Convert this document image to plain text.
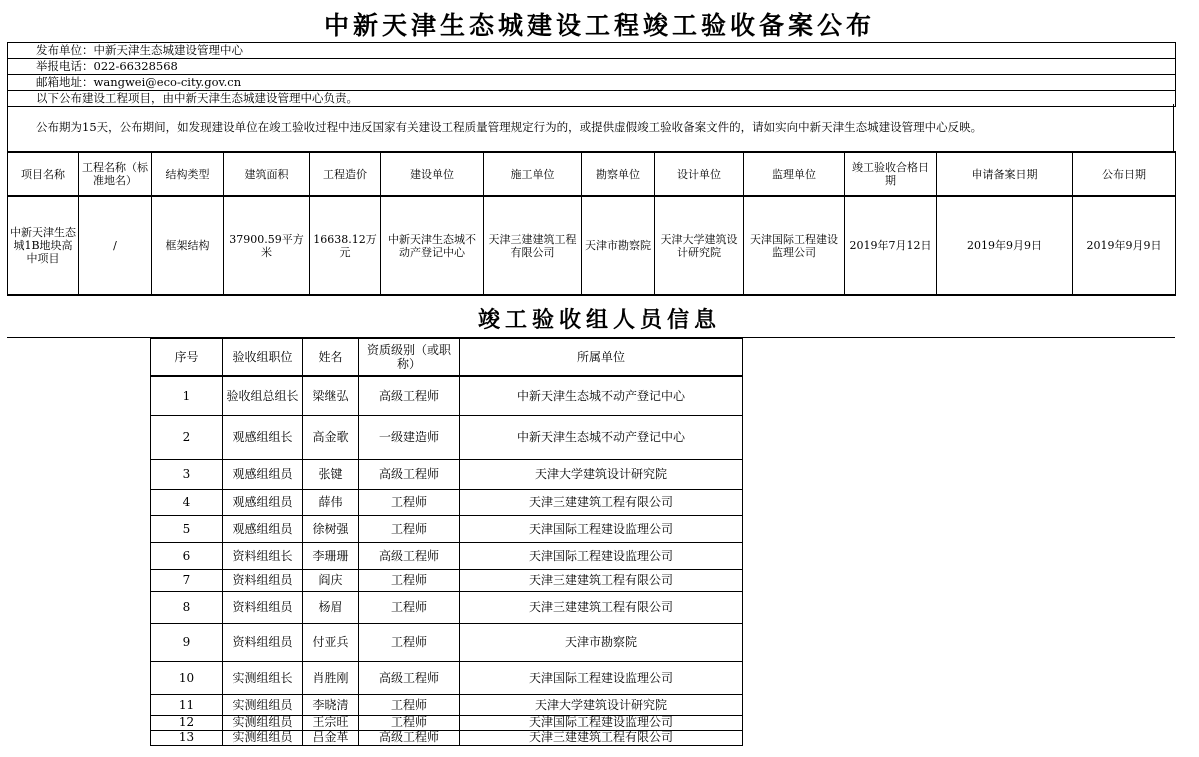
中新天津生态城建设工程竣工验收备案公布
发布单位：中新天津生态城建设管理中心
举报电话：022-66328568
邮箱地址：wangwei@eco-city.gov.cn
以下公布建设工程项目，由中新天津生态城建设管理中心负责。
公布期为15天，公布期间，如发现建设单位在竣工验收过程中违反国家有关建设工程质量管理规定行为的，或提供虚假竣工验收备案文件的，请如实向中新天津生态城建设管理中心反映。
项目名称	工程名称（标准地名）	结构类型	建筑面积	工程造价	建设单位	施工单位	勘察单位	设计单位	监理单位	竣工验收合格日期	申请备案日期	公布日期
中新天津生态城1B地块高中项目	/	框架结构	37900.59平方米	16638.12万元	中新天津生态城不动产登记中心	天津三建建筑工程有限公司	天津市勘察院	天津大学建筑设计研究院	天津国际工程建设监理公司	2019年7月12日	2019年9月9日	2019年9月9日
竣工验收组人员信息
序号	验收组职位	姓名	资质级别（或职称）	所属单位
1	验收组总组长	梁继弘	高级工程师	中新天津生态城不动产登记中心
2	观感组组长	高金歌	一级建造师	中新天津生态城不动产登记中心
3	观感组组员	张键	高级工程师	天津大学建筑设计研究院
4	观感组组员	薛伟	工程师	天津三建建筑工程有限公司
5	观感组组员	徐树强	工程师	天津国际工程建设监理公司
6	资料组组长	李珊珊	高级工程师	天津国际工程建设监理公司
7	资料组组员	阎庆	工程师	天津三建建筑工程有限公司
8	资料组组员	杨眉	工程师	天津三建建筑工程有限公司
9	资料组组员	付亚兵	工程师	天津市勘察院
10	实测组组长	肖胜刚	高级工程师	天津国际工程建设监理公司
11	实测组组员	李晓清	工程师	天津大学建筑设计研究院
12	实测组组员	王宗旺	工程师	天津国际工程建设监理公司
13	实测组组员	吕金革	高级工程师	天津三建建筑工程有限公司
